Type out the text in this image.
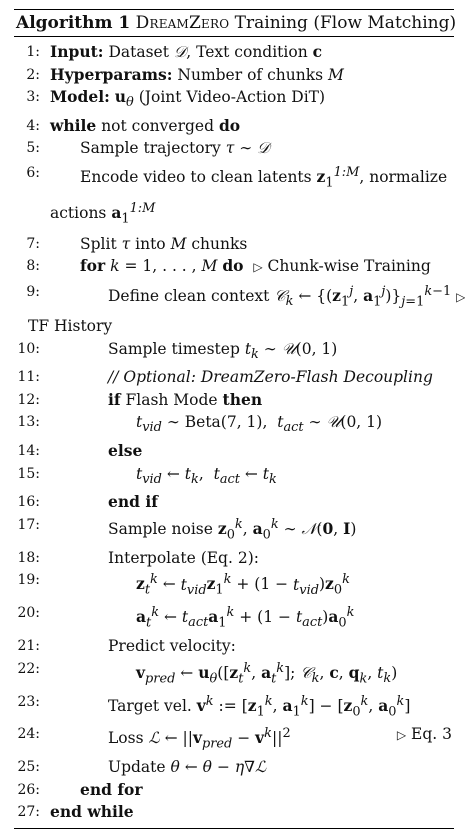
Algorithm 1 DreamZero Training (Flow Matching)
1: Input: Dataset 𝒟, Text condition c
2: Hyperparams: Number of chunks M
3: Model: $u_\theta$ (Joint Video-Action DiT)
4: while not converged do
5:	Sample trajectory τ ∼ 𝒟
6:	Encode video to clean latents $z_1^{1:M}$, normalize
actions $a_1^{1:M}$
7:	Split τ into M chunks
8:	for k = 1, . . . , M do ▷ Chunk-wise Training
9:	Define clean context 𝒞$_k$ ← {($z_1^j$, $a_1^j)\}_{j=1}^{k-1}$ ▷
TF History
10:	Sample timestep $t_k$ ∼ 𝒰(0, 1)
11:	// Optional: DreamZero-Flash Decoupling
12:	if Flash Mode then
13:	$t_{vid}$ ∼ Beta(7, 1),  $t_{act}$ ∼ 𝒰(0, 1)
14:	else
15:	$t_{vid}$ ← $t_k$,  $t_{act}$ ← $t_k$
16:	end if
17:	Sample noise $z_0^k$, $a_0^k$ ∼ 𝒩(0, I)
18:	Interpolate (Eq. 2):
19:	$z_t^k$ ← $t_{vid}z_1^k + (1 - t_{vid})z_0^k$
20:	$a_t^k$ ← $t_{act}a_1^k + (1 - t_{act})a_0^k$
21:	Predict velocity:
22:	$v_{pred}$ ← $u_\theta([z_t^k$, $a_t^k$]; 𝒞$_k$, c, $q_k$, $t_k$)
23:	Target vel. $v^k$ := [$z_1^k$, $a_1^k] - [z_0^k$, $a_0^k$]
24:	Loss ℒ ← $||v_{pred} - v^k||^2$	▷ Eq. 3
25:	Update θ ← θ − η∇ℒ
26:	end for
27: end while
